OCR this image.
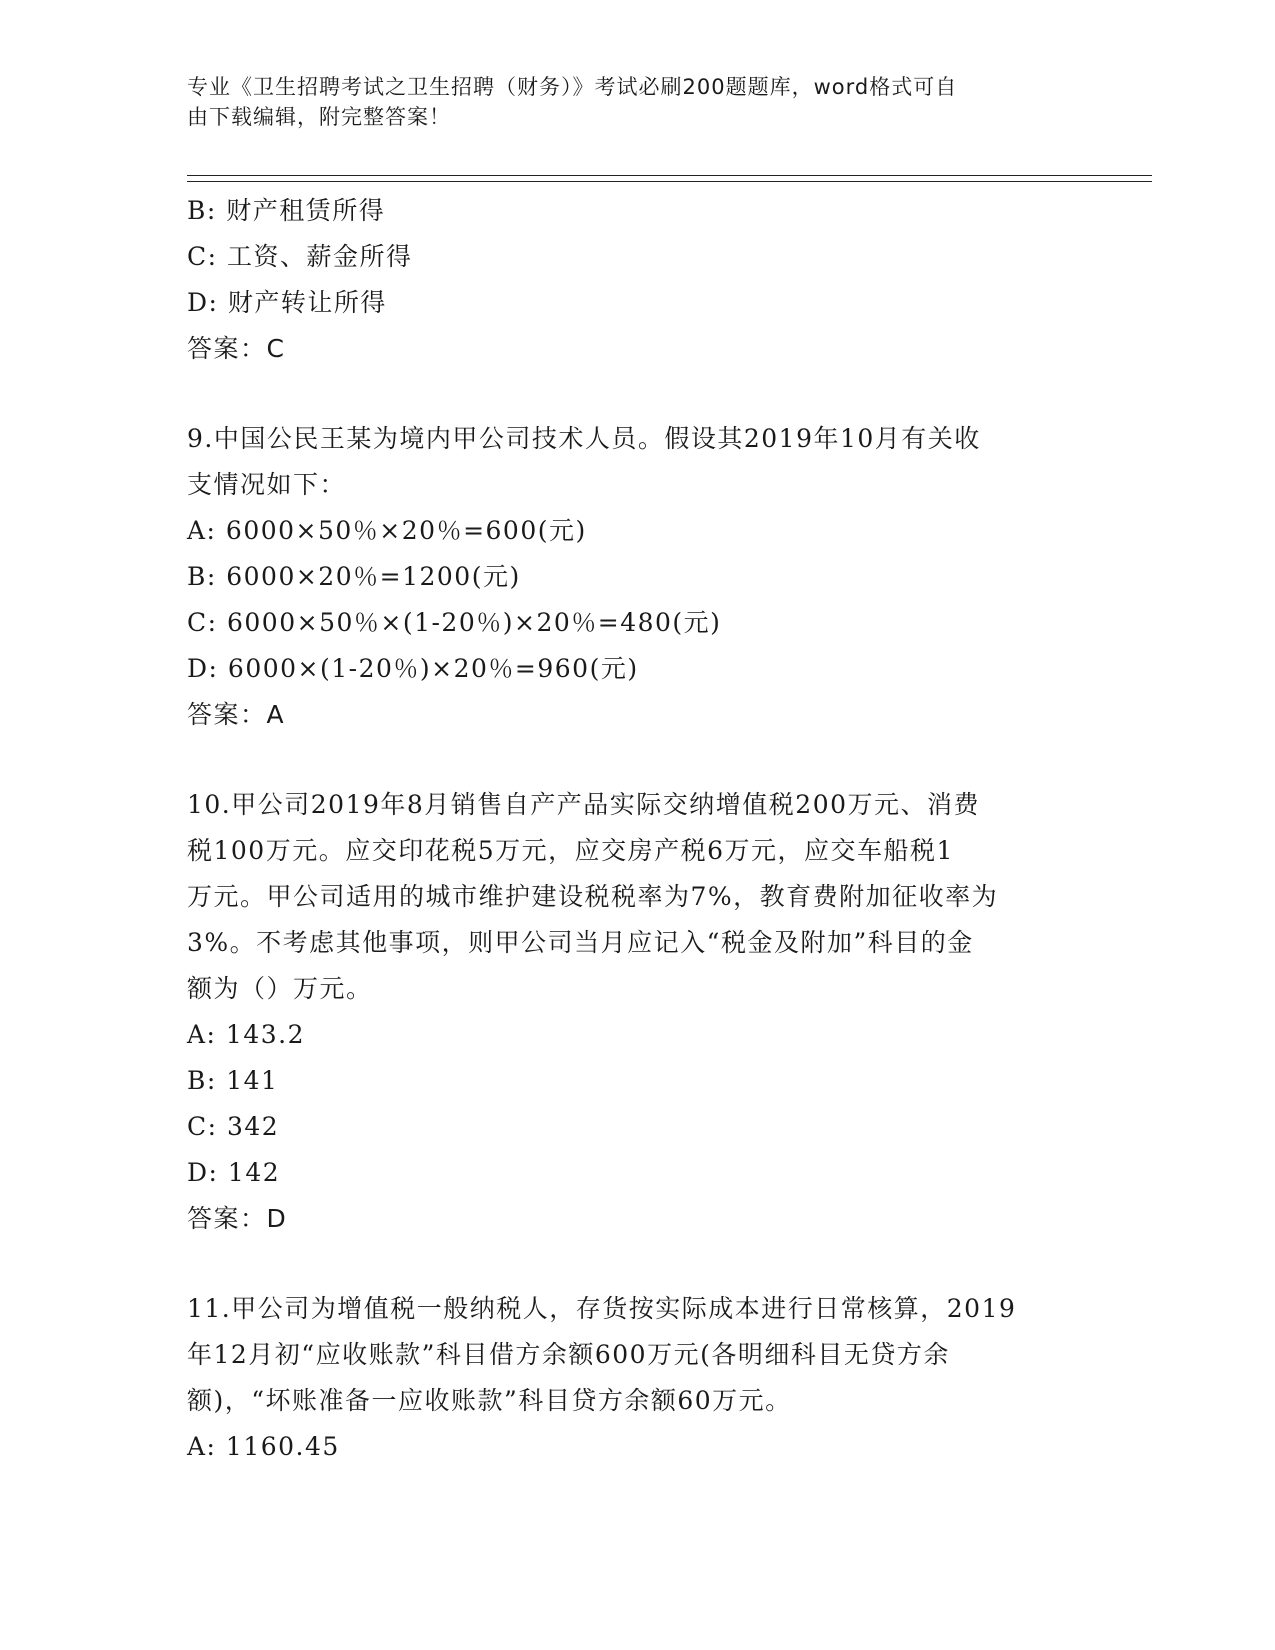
专业《卫生招聘考试之卫生招聘（财务）》考试必刷200题题库，word格式可自
由下载编辑，附完整答案！
B: 财产租赁所得
C: 工资、薪金所得
D: 财产转让所得
答案：C
9.中国公民王某为境内甲公司技术人员。假设其2019年10月有关收
支情况如下：
A: 6000×50％×20％=600(元)
B: 6000×20％=1200(元)
C: 6000×50％×(1-20％)×20％=480(元)
D: 6000×(1-20％)×20％=960(元)
答案：A
10.甲公司2019年8月销售自产产品实际交纳增值税200万元、消费
税100万元。应交印花税5万元，应交房产税6万元，应交车船税1
万元。甲公司适用的城市维护建设税税率为7%，教育费附加征收率为
3%。不考虑其他事项，则甲公司当月应记入“税金及附加”科目的金
额为（）万元。
A: 143.2
B: 141
C: 342
D: 142
答案：D
11.甲公司为增值税一般纳税人，存货按实际成本进行日常核算，2019
年12月初“应收账款”科目借方余额600万元(各明细科目无贷方余
额)，“坏账准备一应收账款”科目贷方余额60万元。
A: 1160.45
